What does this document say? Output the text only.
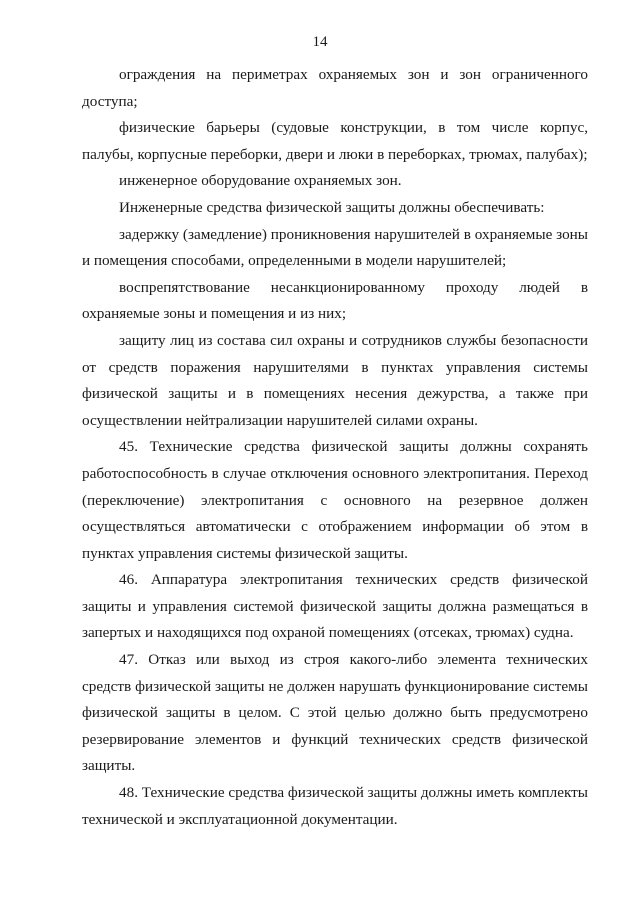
14

ограждения на периметрах охраняемых зон и зон ограниченного доступа;

физические барьеры (судовые конструкции, в том числе корпус, палубы, корпусные переборки, двери и люки в переборках, трюмах, палубах);

инженерное оборудование охраняемых зон.

Инженерные средства физической защиты должны обеспечивать:

задержку (замедление) проникновения нарушителей в охраняемые зоны и помещения способами, определенными в модели нарушителей;

воспрепятствование несанкционированному проходу людей в охраняемые зоны и помещения и из них;

защиту лиц из состава сил охраны и сотрудников службы безопасности от средств поражения нарушителями в пунктах управления системы физической защиты и в помещениях несения дежурства, а также при осуществлении нейтрализации нарушителей силами охраны.

45. Технические средства физической защиты должны сохранять работоспособность в случае отключения основного электропитания. Переход (переключение) электропитания с основного на резервное должен осуществляться автоматически с отображением информации об этом в пунктах управления системы физической защиты.

46. Аппаратура электропитания технических средств физической защиты и управления системой физической защиты должна размещаться в запертых и находящихся под охраной помещениях (отсеках, трюмах) судна.

47. Отказ или выход из строя какого-либо элемента технических средств физической защиты не должен нарушать функционирование системы физической защиты в целом. С этой целью должно быть предусмотрено резервирование элементов и функций технических средств физической защиты.

48. Технические средства физической защиты должны иметь комплекты технической и эксплуатационной документации.
